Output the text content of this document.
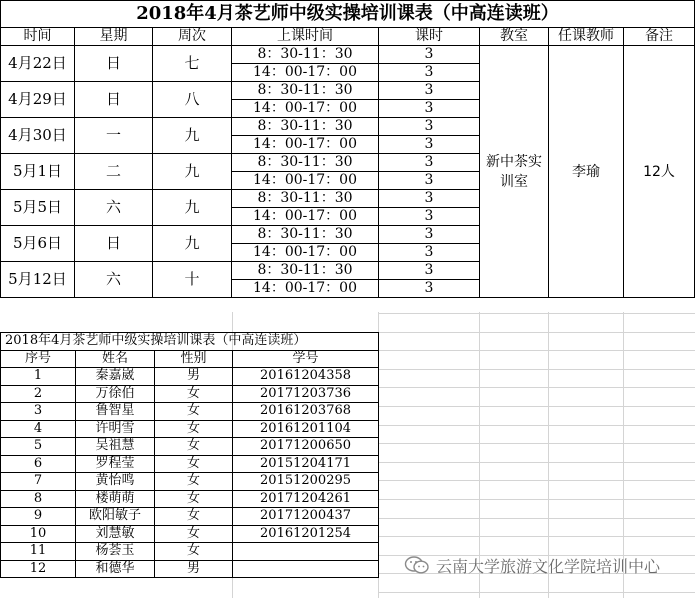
2018年4月茶艺师中级实操培训课表（中高连读班）							
时间	星期	周次	上课时间	课时	教室	任课教师	备注
4月22日	日	七	8：30-11：30	3	新中茶实训室	李瑜	12人
			14：00-17：00	3			
4月29日	日	八	8：30-11：30	3			
			14：00-17：00	3			
4月30日	一	九	8：30-11：30	3			
			14：00-17：00	3			
5月1日	二	九	8：30-11：30	3			
			14：00-17：00	3			
5月5日	六	九	8：30-11：30	3			
			14：00-17：00	3			
5月6日	日	九	8：30-11：30	3			
			14：00-17：00	3			
5月12日	六	十	8：30-11：30	3			
			14：00-17：00	3			
2018年4月茶艺师中级实操培训课表（中高连读班）			
序号	姓名	性别	学号
1	秦嘉崴	男	20161204358
2	万徐伯	女	20171203736
3	鲁智星	女	20161203768
4	许明雪	女	20161201104
5	吴祖慧	女	20171200650
6	罗程莹	女	20151204171
7	黄怡鸣	女	20151200295
8	楼萌萌	女	20171204261
9	欧阳敏子	女	20171200437
10	刘慧敏	女	20161201254
11	杨荟玉	女	
12	和德华	男		云南大学旅游文化学院培训中心
